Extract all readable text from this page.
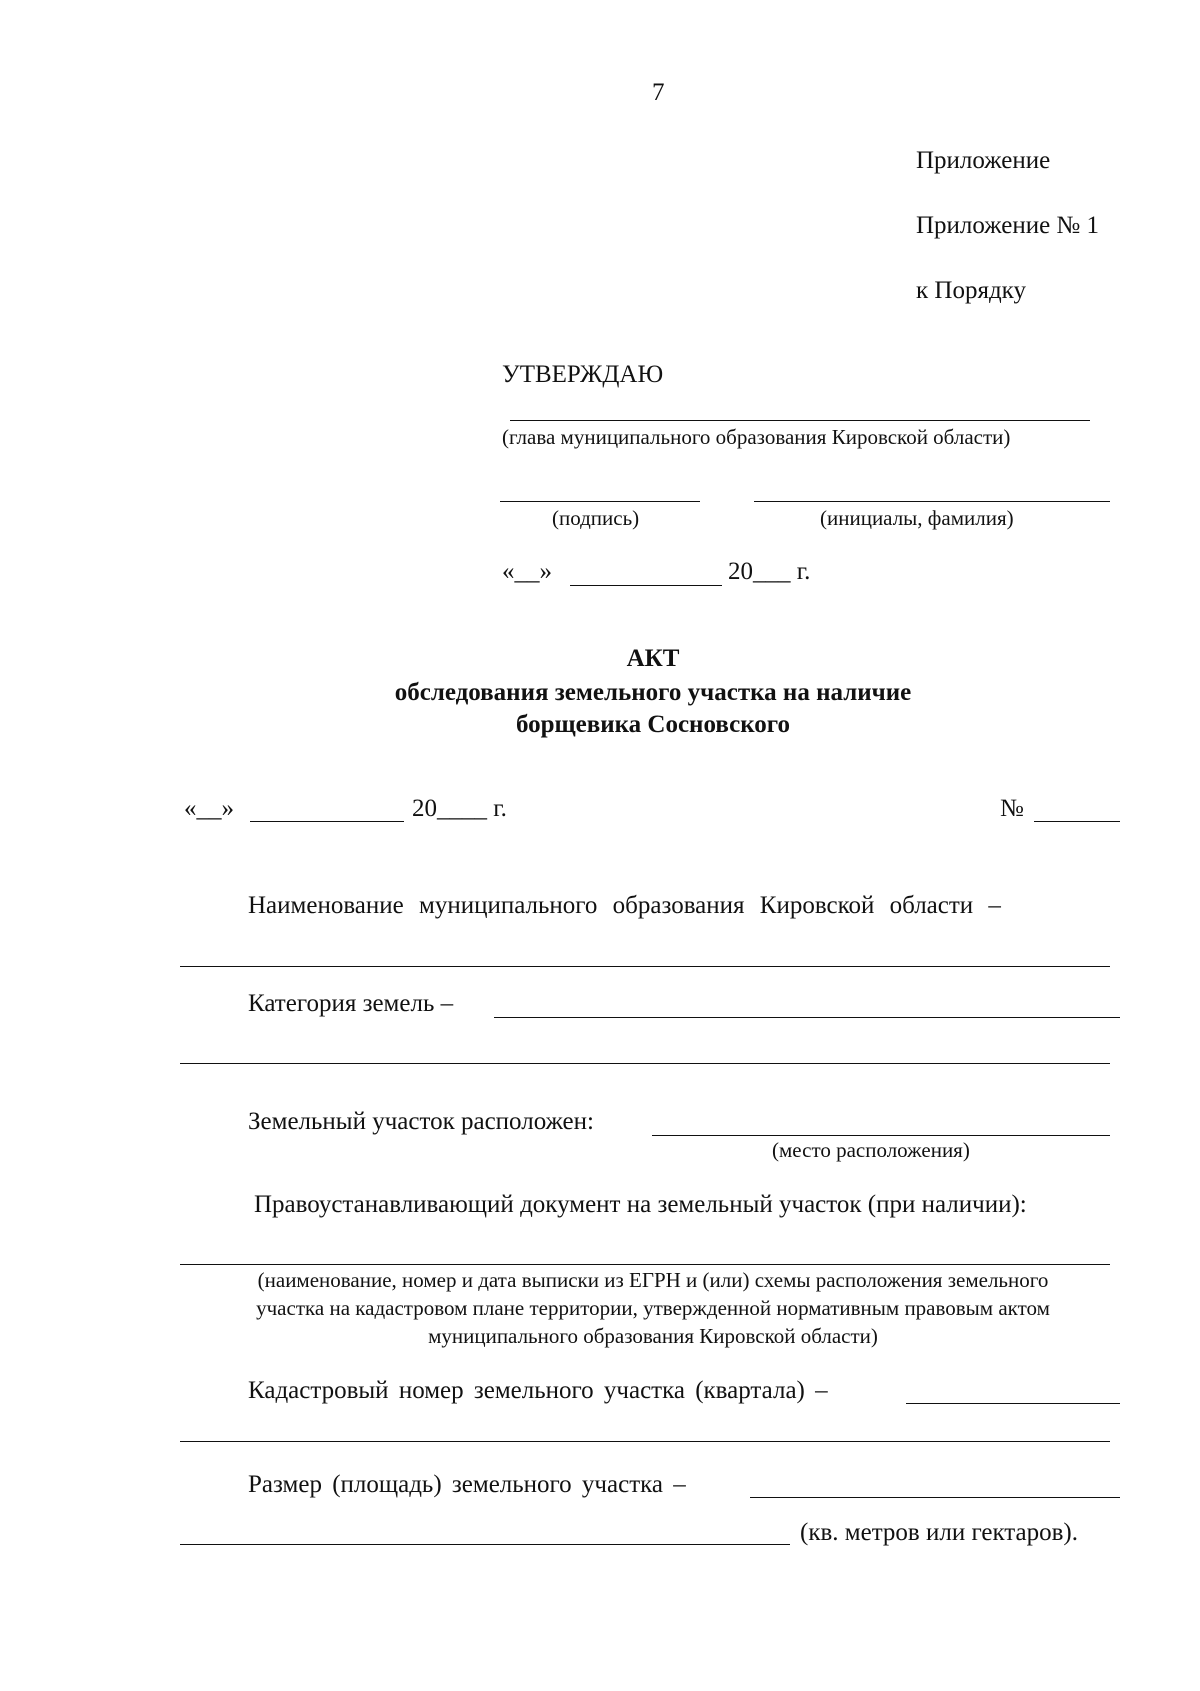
7
Приложение
Приложение № 1
к Порядку
УТВЕРЖДАЮ
(глава муниципального образования Кировской области)
(подпись)	(инициалы, фамилия)
«__»	20___ г.
АКТ
обследования земельного участка на наличие
борщевика Сосновского
«__»	20____ г.	№
Наименование муниципального образования Кировской области –
Категория земель –
Земельный участок расположен:
(место расположения)
Правоустанавливающий документ на земельный участок (при наличии):
(наименование, номер и дата выписки из ЕГРН и (или) схемы расположения земельного
участка на кадастровом плане территории, утвержденной нормативным правовым актом
муниципального образования Кировской области)
Кадастровый номер земельного участка (квартала) –
Размер (площадь) земельного участка –
(кв. метров или гектаров).
